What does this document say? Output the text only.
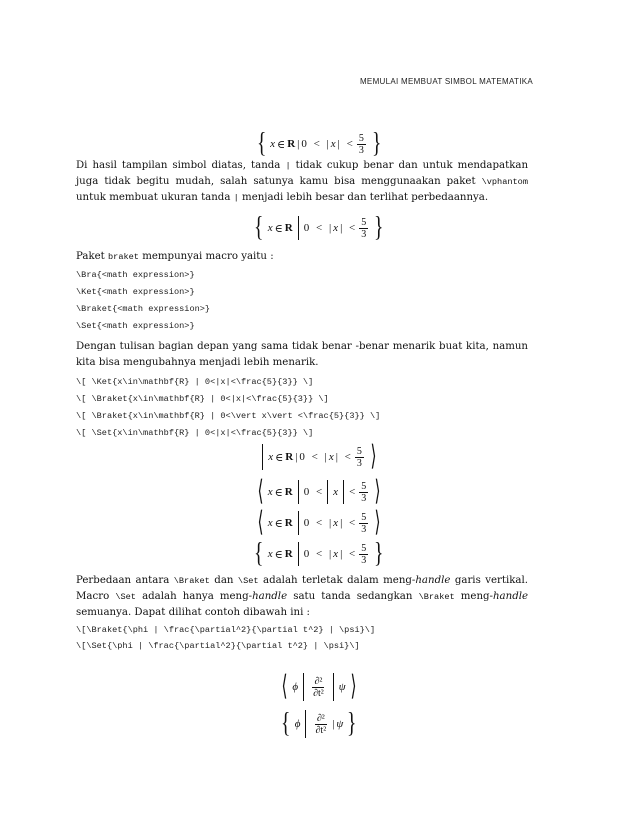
MEMULAI MEMBUAT SIMBOL MATEMATIKA
{ x ∈ R | 0
<
| x |
< $\frac{5}{3}$ }
Di hasil tampilan simbol diatas, tanda | tidak cukup benar dan untuk mendapatkan juga tidak begitu mudah, salah satunya kamu bisa menggunaakan paket \vphantom untuk membuat ukuran tanda | menjadi lebih besar dan terlihat perbedaannya.
{ x ∈ R 0
<
| x |
< $\frac{5}{3}$ }
Paket braket mempunyai macro yaitu :
\Bra{<math expression>}
\Ket{<math expression>}
\Braket{<math expression>}
\Set{<math expression>}
Dengan tulisan bagian depan yang sama tidak benar -benar menarik buat kita, namun kita bisa mengubahnya menjadi lebih menarik.
\[ \Ket{x\in\mathbf{R} | 0<|x|<\frac{5}{3}} \]
\[ \Braket{x\in\mathbf{R} | 0<|x|<\frac{5}{3}} \]
\[ \Braket{x\in\mathbf{R} | 0<\vert x\vert <\frac{5}{3}} \]
\[ \Set{x\in\mathbf{R} | 0<|x|<\frac{5}{3}} \]
x ∈ R | 0
<
| x |
< $\frac{5}{3}$ ⟩
⟨ x ∈ R 0
< $x < \frac{5}{3}$ ⟩
⟨ x ∈ R 0
<
| x |
< $\frac{5}{3}$ ⟩
{ x ∈ R 0
<
| x |
< $\frac{5}{3}$ }
Perbedaan antara \Braket dan \Set adalah terletak dalam meng-handle garis vertikal. Macro \Set adalah hanya meng-handle satu tanda sedangkan \Braket meng-handle semuanya. Dapat dilihat contoh dibawah ini :
\[\Braket{\phi | \frac{\partial^2}{\partial t^2} | \psi}\]
\[\Set{\phi | \frac{\partial^2}{\partial t^2} | \psi}\]
⟨ ϕ $\frac{\text{∂²}}{\text{∂t²}}$ ψ ⟩
{ ϕ $\frac{\text{∂²}}{\text{∂t²}}$ | ψ }
